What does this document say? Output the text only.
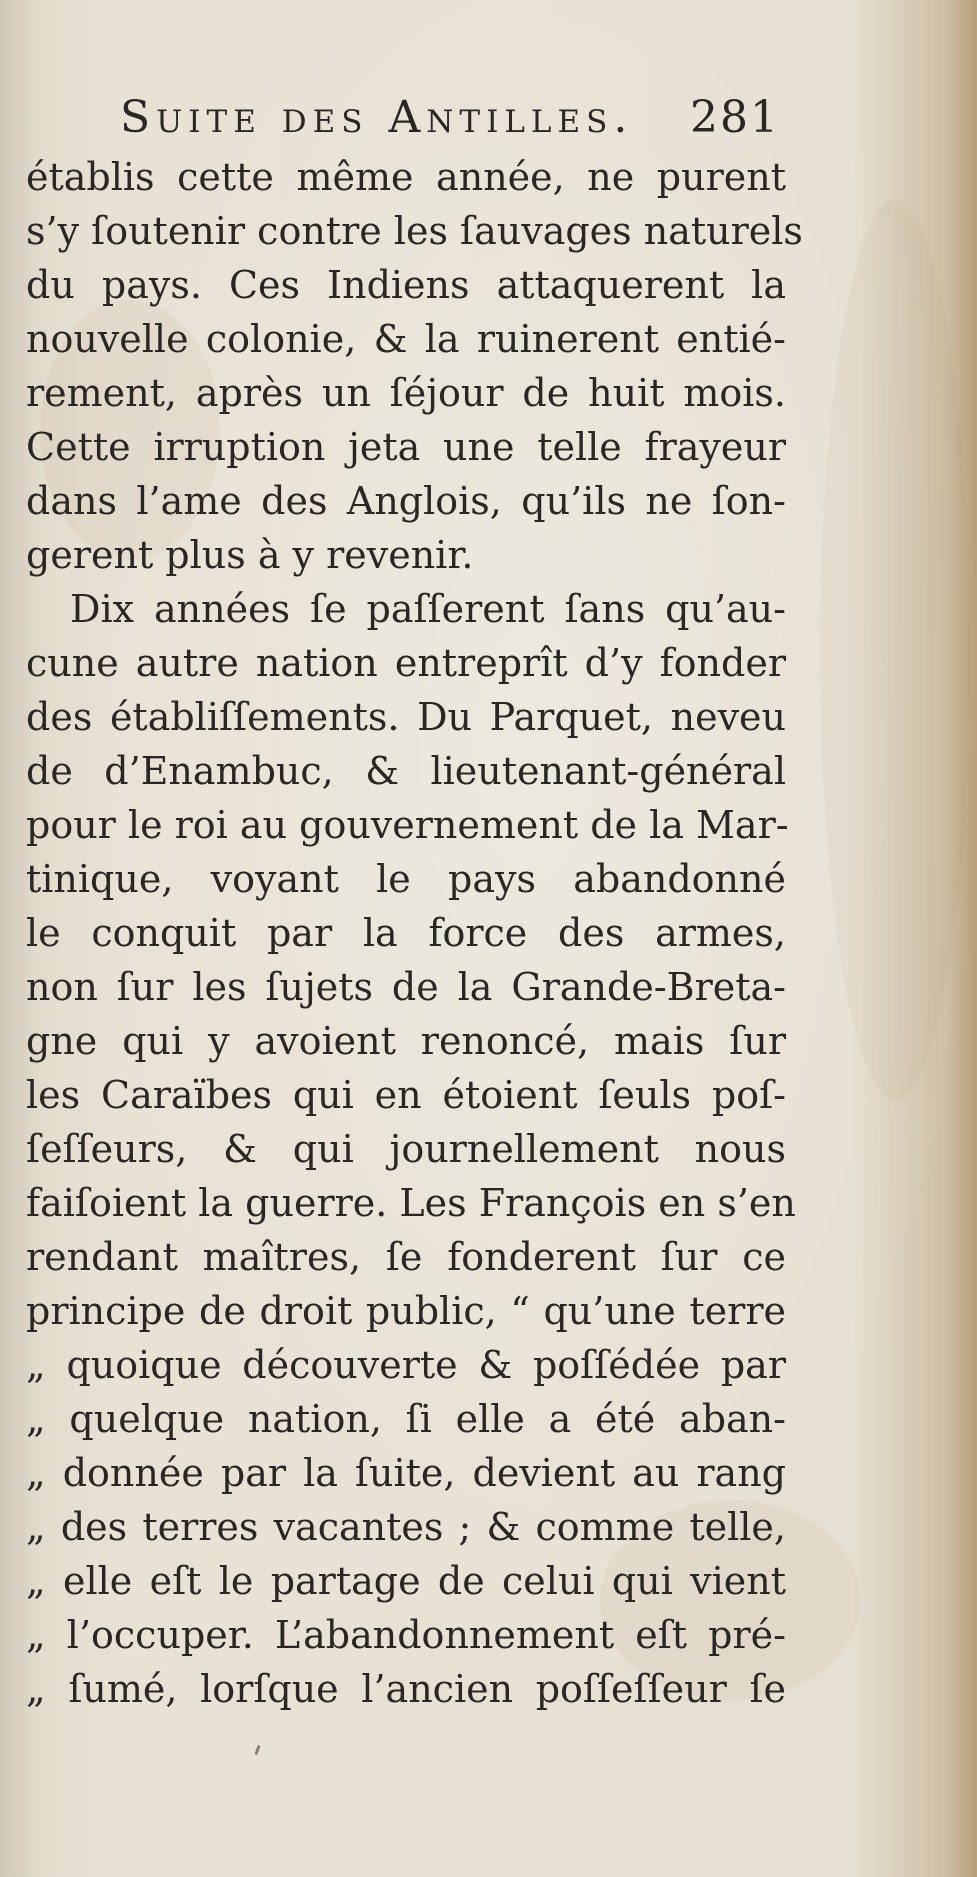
Suite des Antilles. 281
établis cette même année, ne purent
s’y ſoutenir contre les ſauvages naturels
du pays. Ces Indiens attaquerent la
nouvelle colonie, & la ruinerent entié-
rement, après un ſéjour de huit mois.
Cette irruption jeta une telle frayeur
dans l’ame des Anglois, qu’ils ne ſon-
gerent plus à y revenir.
Dix années ſe paſſerent ſans qu’au-
cune autre nation entreprît d’y fonder
des établiſſements. Du Parquet, neveu
de d’Enambuc, & lieutenant-général
pour le roi au gouvernement de la Mar-
tinique, voyant le pays abandonné
le conquit par la force des armes,
non ſur les ſujets de la Grande-Breta-
gne qui y avoient renoncé, mais ſur
les Caraïbes qui en étoient ſeuls poſ-
ſeſſeurs, & qui journellement nous
faiſoient la guerre. Les François en s’en
rendant maîtres, ſe fonderent ſur ce
principe de droit public, “ qu’une terre
„ quoique découverte & poſſédée par
„ quelque nation, ſi elle a été aban-
„ donnée par la ſuite, devient au rang
„ des terres vacantes ; & comme telle,
„ elle eſt le partage de celui qui vient
„ l’occuper. L’abandonnement eſt pré-
„ ſumé, lorſque l’ancien poſſeſſeur ſe
